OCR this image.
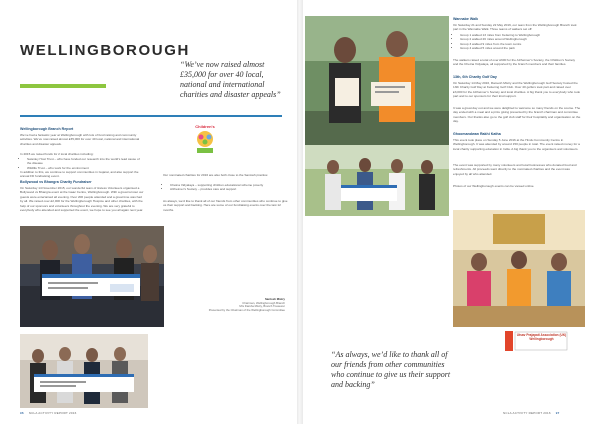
WELLINGBOROUGH
“We’ve now raised almost £35,000 for over 40 local, national and international charities and disaster appeals”
Wellingborough Branch Report

We’ve had a fantastic year at Wellingborough with lots of fund raising and community activities. We’ve now raised almost £35,000 for over 40 local, national and international charities and disaster appeals.

In 2015 we raised funds for 2 local charities including:

• Swanley Host Trust – who have funded our research into the world’s lead cause of the disease
• Wildlife Trust – who work for the environment

In addition to this, we continue to support communities in Gujarat, and also support the annual FD fundraising event.

Bollywood vs Bhangra Charity Fundraiser

On Saturday 14 November 2015, our wonderful team of tireless Volunteers organised a Bollywood vs Bhangra event at the Isaac Centre, Wellingborough. With a great turnout our guests were entertained all evening. Over 200 people attended and a great time was had by all. We raised over £2,000 for the Wellingborough Hospice and other charities, with the help of our sponsors and volunteers throughout the evening. We are very grateful to everybody who attended and supported the event, we hope to see you all again next year.

Children's

Our nominated charities for 2016 are also both close to the Santosh practice:

• Chetna Vidyalaya – supporting children educational scheme poverty
• Alzheimer’s Society – provides care and support

As always, we’d like to thank all of our friends from other communities who continue to give us their support and backing. Here are some of our fundraising events over the last 12 months.

Santosh Mistry
Chairman, Wellingborough Branch
Mrs Darsha Mistry, Branch Treasurer
Presented by the Chairman of the Wellingborough Committee
96 NCLA ACTIVITY REPORT 2016
Wannabe Walk

On Saturday 21 and Sunday 22 May 2016, our team from the Wellingborough Branch took part in the Wannabe Walk. Three teams of walkers set off:

• Group 1 walked 13 miles from Kettering to Wellingborough
• Group 2 walked 26 miles around Wellingborough
• Group 3 walked 9 miles from the town centre
• Group 4 walked 5 miles around the park

The walkers raised a total of over £600 for the Alzheimer’s Society, the Children’s Society and the Chetna Vidyalaya, all supported by the branch members and their families.

13th, 6th Charity Golf Day

On Saturday 14 May 2016, Ramesh Mistry and the Wellingborough Golf Society hosted the 13th Charity Golf Day at Kettering Golf Club. Over 40 golfers took part and raised over £3,000 for the Alzheimer’s Society and local charities. A big thank you to everybody who took part and to our sponsors for their kind support.

It was a great day out and we were delighted to welcome so many friends on the course. The day ended with a meal and a prize giving presented by the branch chairman and committee members. Our thanks also go to the golf club staff for their hospitality and organisation on the day.

Ghoomandwan Rakhi Katha

This event took place on Sunday 5 June 2016 at the Hindu Community Centre in Wellingborough. It was attended by around 150 people in total. The event raised money for a local charity supporting education in India. A big thank you to the organisers and volunteers.

The event was supported by many volunteers and local businesses who donated food and refreshments. All proceeds went directly to the nominated charities and the event was enjoyed by all who attended.

Photos of our Wellingborough events can be viewed online.

“As always, we’d like to thank all of our friends from other communities who continue to give us their support and backing”
Utsav Prajapati Association (UK) Wellingborough
NCLA ACTIVITY REPORT 2016 97
